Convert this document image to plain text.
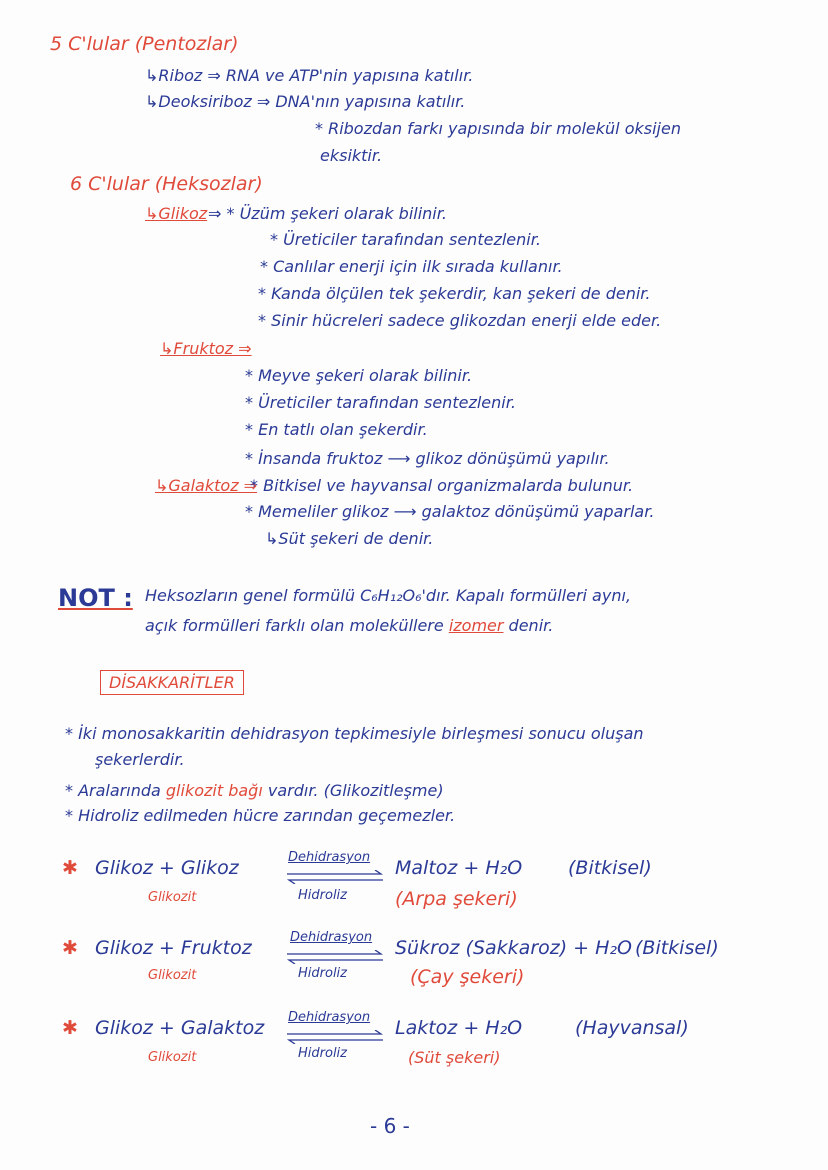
5 C'lular (Pentozlar)
↳Riboz ⇒ RNA ve ATP'nin yapısına katılır.
↳Deoksiriboz ⇒ DNA'nın yapısına katılır.
* Ribozdan farkı yapısında bir molekül oksijen
eksiktir.
6 C'lular (Heksozlar)
↳Glikoz ⇒ * Üzüm şekeri olarak bilinir.
* Üreticiler tarafından sentezlenir.
* Canlılar enerji için ilk sırada kullanır.
* Kanda ölçülen tek şekerdir, kan şekeri de denir.
* Sinir hücreleri sadece glikozdan enerji elde eder.
↳Fruktoz ⇒
* Meyve şekeri olarak bilinir.
* Üreticiler tarafından sentezlenir.
* En tatlı olan şekerdir.
* İnsanda fruktoz ⟶ glikoz dönüşümü yapılır.
↳Galaktoz ⇒
* Bitkisel ve hayvansal organizmalarda bulunur.
* Memeliler glikoz ⟶ galaktoz dönüşümü yaparlar.
↳Süt şekeri de denir.
NOT : Heksozların genel formülü C₆H₁₂O₆'dır. Kapalı formülleri aynı,
açık formülleri farklı olan moleküllere izomer denir.
DİSAKKARİTLER
* İki monosakkaritin dehidrasyon tepkimesiyle birleşmesi sonucu oluşan
şekerlerdir.
* Aralarında glikozit bağı vardır. (Glikozitleşme)
* Hidroliz edilmeden hücre zarından geçemezler.
✱ Glikoz + Glikoz
Glikozit
Dehidrasyon
Hidroliz
Maltoz + H₂O (Bitkisel)
(Arpa şekeri)
✱ Glikoz + Fruktoz
Glikozit
Dehidrasyon
Hidroliz
Sükroz (Sakkaroz) + H₂O (Bitkisel)
(Çay şekeri)
✱ Glikoz + Galaktoz
Glikozit
Dehidrasyon
Hidroliz
Laktoz + H₂O	(Hayvansal)
(Süt şekeri)
- 6 -
